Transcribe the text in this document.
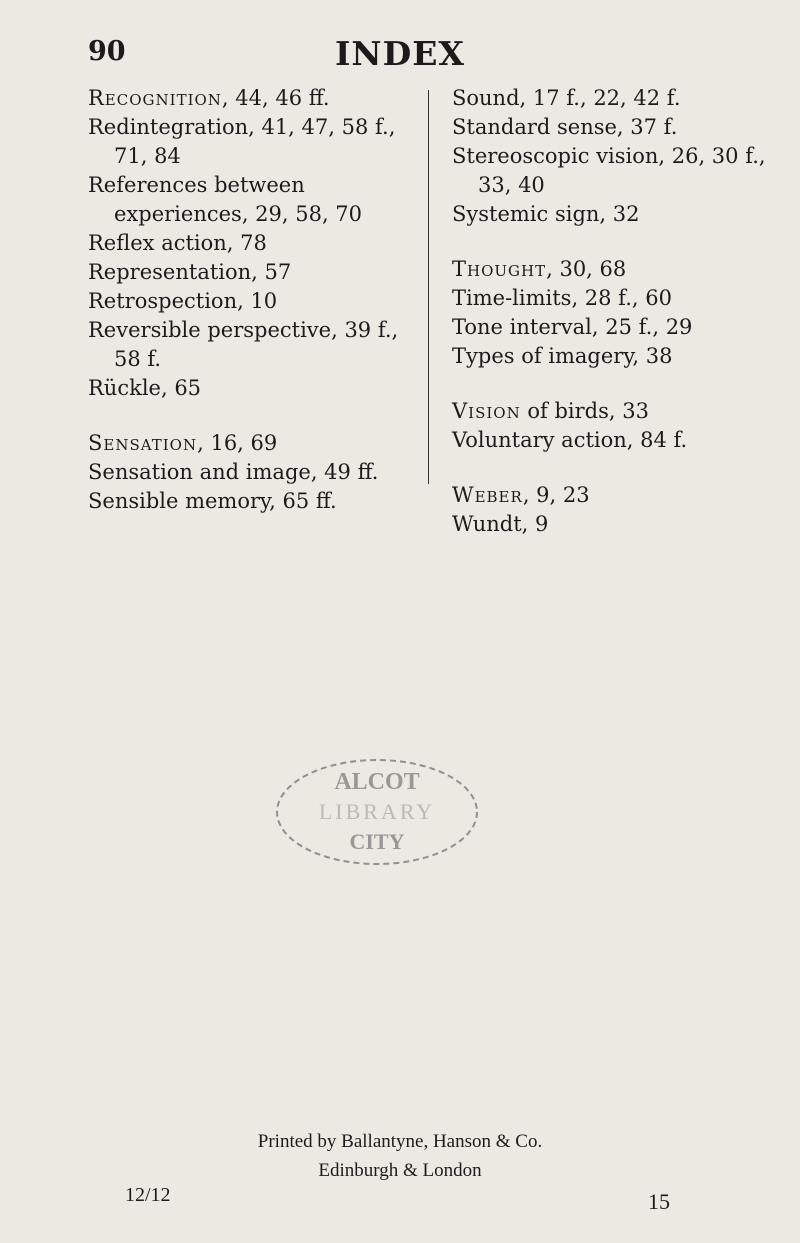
90	INDEX
Recognition, 44, 46 ff.
Redintegration, 41, 47, 58 f., 71, 84
References between experiences, 29, 58, 70
Reflex action, 78
Representation, 57
Retrospection, 10
Reversible perspective, 39 f., 58 f.
Rückle, 65
Sensation, 16, 69
Sensation and image, 49 ff.
Sensible memory, 65 ff.
Sound, 17 f., 22, 42 f.
Standard sense, 37 f.
Stereoscopic vision, 26, 30 f., 33, 40
Systemic sign, 32
Thought, 30, 68
Time-limits, 28 f., 60
Tone interval, 25 f., 29
Types of imagery, 38
Vision of birds, 33
Voluntary action, 84 f.
Weber, 9, 23
Wundt, 9
ALCOT
LIBRARY
CITY
Printed by Ballantyne, Hanson & Co.
Edinburgh & London
12/12	15
